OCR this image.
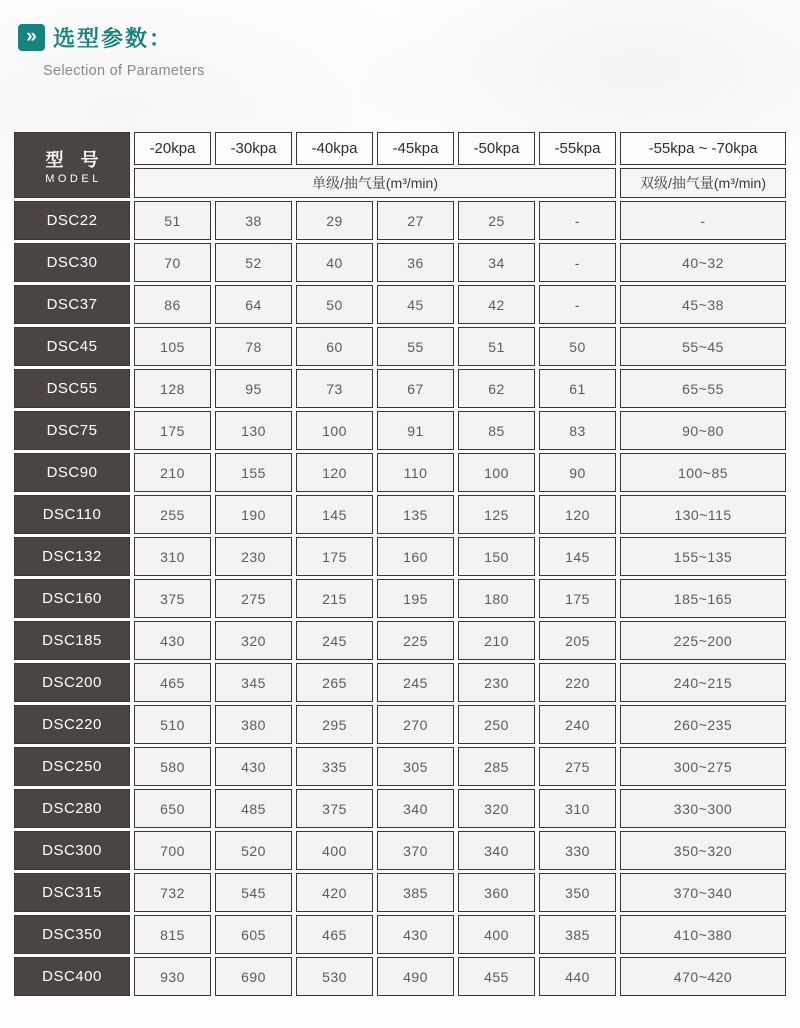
» 选型参数：

Selection of Parameters

型 号
MODEL	单级/抽气量(m³/min)	双级/抽气量(m³/min)
-20kpa	-30kpa	-40kpa	-45kpa	-50kpa	-55kpa	-55kpa ~ -70kpa
DSC22	51	38	29	27	25	-	-
DSC30	70	52	40	36	34	-	40~32
DSC37	86	64	50	45	42	-	45~38
DSC45	105	78	60	55	51	50	55~45
DSC55	128	95	73	67	62	61	65~55
DSC75	175	130	100	91	85	83	90~80
DSC90	210	155	120	110	100	90	100~85
DSC110	255	190	145	135	125	120	130~115
DSC132	310	230	175	160	150	145	155~135
DSC160	375	275	215	195	180	175	185~165
DSC185	430	320	245	225	210	205	225~200
DSC200	465	345	265	245	230	220	240~215
DSC220	510	380	295	270	250	240	260~235
DSC250	580	430	335	305	285	275	300~275
DSC280	650	485	375	340	320	310	330~300
DSC300	700	520	400	370	340	330	350~320
DSC315	732	545	420	385	360	350	370~340
DSC350	815	605	465	430	400	385	410~380
DSC400	930	690	530	490	455	440	470~420
